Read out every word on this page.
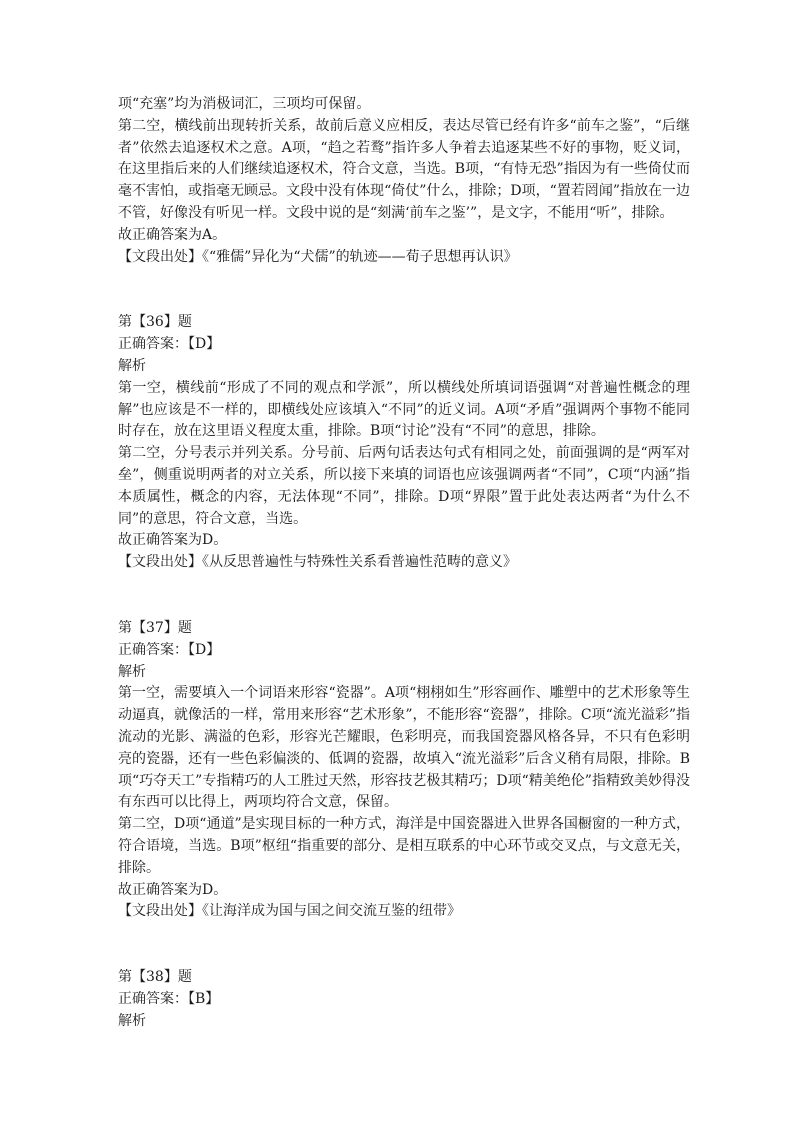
项“充塞”均为消极词汇，三项均可保留。

第二空，横线前出现转折关系，故前后意义应相反，表达尽管已经有许多“前车之鉴”，“后继者”依然去追逐权术之意。A项，“趋之若鹜”指许多人争着去追逐某些不好的事物，贬义词，在这里指后来的人们继续追逐权术，符合文意，当选。B项，“有恃无恐”指因为有一些倚仗而毫不害怕，或指毫无顾忌。文段中没有体现“倚仗”什么，排除；D项，“置若罔闻”指放在一边不管，好像没有听见一样。文段中说的是“刻满‘前车之鉴’”，是文字，不能用“听”，排除。

故正确答案为A。

【文段出处】《“雅儒”异化为“犬儒”的轨迹——荀子思想再认识》

第【36】题

正确答案：【D】

解析

第一空，横线前“形成了不同的观点和学派”，所以横线处所填词语强调“对普遍性概念的理解”也应该是不一样的，即横线处应该填入“不同”的近义词。A项“矛盾”强调两个事物不能同时存在，放在这里语义程度太重，排除。B项“讨论”没有“不同”的意思，排除。

第二空，分号表示并列关系。分号前、后两句话表达句式有相同之处，前面强调的是“两军对垒”，侧重说明两者的对立关系，所以接下来填的词语也应该强调两者“不同”，C项“内涵”指本质属性，概念的内容，无法体现“不同”，排除。D项“界限”置于此处表达两者“为什么不同”的意思，符合文意，当选。

故正确答案为D。

【文段出处】《从反思普遍性与特殊性关系看普遍性范畴的意义》

第【37】题

正确答案：【D】

解析

第一空，需要填入一个词语来形容“瓷器”。A项“栩栩如生”形容画作、雕塑中的艺术形象等生动逼真，就像活的一样，常用来形容“艺术形象”，不能形容“瓷器”，排除。C项“流光溢彩”指流动的光影、满溢的色彩，形容光芒耀眼，色彩明亮，而我国瓷器风格各异，不只有色彩明亮的瓷器，还有一些色彩偏淡的、低调的瓷器，故填入“流光溢彩”后含义稍有局限，排除。B项“巧夺天工”专指精巧的人工胜过天然，形容技艺极其精巧；D项“精美绝伦”指精致美妙得没有东西可以比得上，两项均符合文意，保留。

第二空，D项“通道”是实现目标的一种方式，海洋是中国瓷器进入世界各国橱窗的一种方式，符合语境，当选。B项”枢纽“指重要的部分、是相互联系的中心环节或交叉点，与文意无关，排除。

故正确答案为D。

【文段出处】《让海洋成为国与国之间交流互鉴的纽带》

第【38】题

正确答案：【B】

解析
